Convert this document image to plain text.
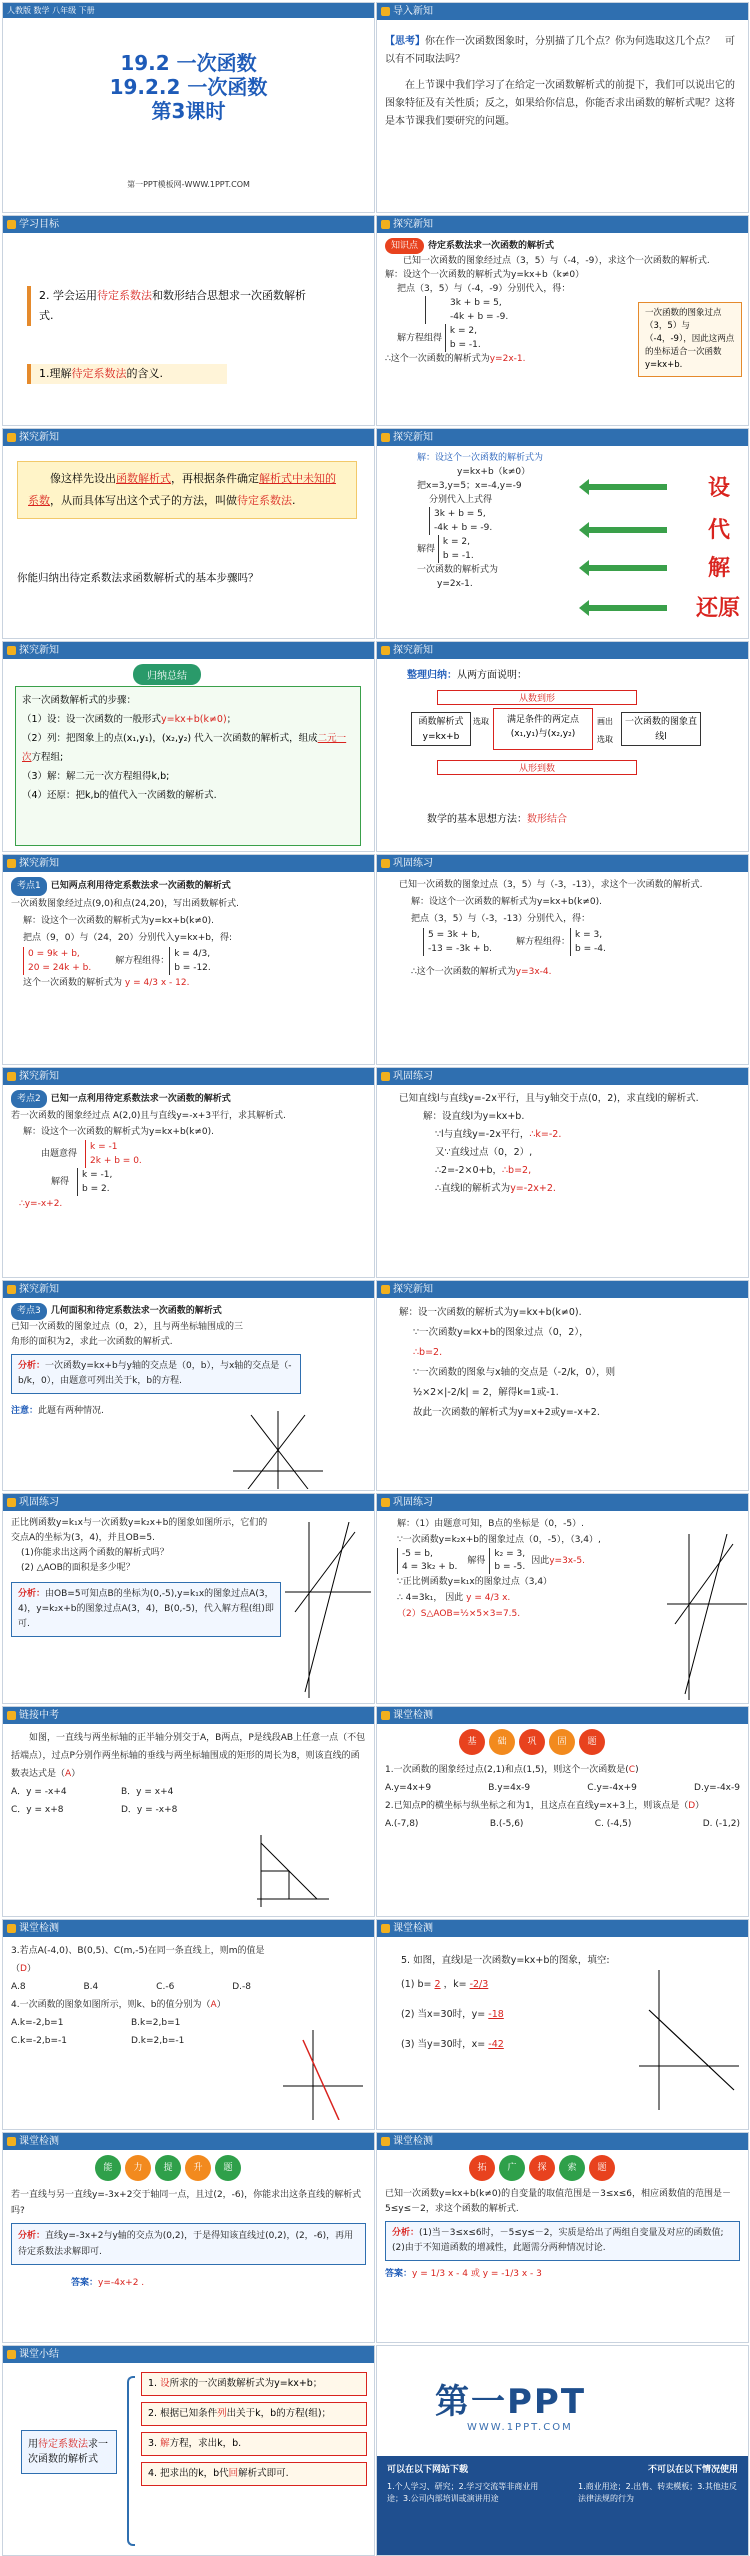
人教版 数学 八年级 下册
19.2 一次函数
19.2.2 一次函数
第3课时
第一PPT模板网-WWW.1PPT.COM
导入新知
【思考】你在作一次函数图象时，分别描了几个点？你为何选取这几个点？　可以有不同取法吗？
在上节课中我们学习了在给定一次函数解析式的前提下，我们可以说出它的图象特征及有关性质；反之，如果给你信息，你能否求出函数的解析式呢？这将是本节课我们要研究的问题。
学习目标
2. 学会运用待定系数法和数形结合思想求一次函数解析式.
1.理解待定系数法的含义.
探究新知
知识点 待定系数法求一次函数的解析式
已知一次函数的图象经过点（3，5）与（-4，-9），求这个一次函数的解析式.
解：设这个一次函数的解析式为y=kx+b（k≠0）
把点（3，5）与（-4，-9）分别代入，得：
3k + b = 5,
-4k + b = -9.
解方程组得
k = 2,
b = -1.
∴这个一次函数的解析式为y=2x-1.
一次函数的图象过点（3，5）与（-4，-9），因此这两点的坐标适合一次函数y=kx+b.
探究新知
像这样先设出函数解析式，再根据条件确定解析式中未知的系数，从而具体写出这个式子的方法，叫做待定系数法.
你能归纳出待定系数法求函数解析式的基本步骤吗？
探究新知
解：设这个一次函数的解析式为
y=kx+b（k≠0）
把x=3,y=5；x=-4,y=-9
分别代入上式得
3k + b = 5,
-4k + b = -9.
解得
k = 2,
b = -1.
一次函数的解析式为
y=2x-1.
设
代
解
还原
探究新知
归纳总结
求一次函数解析式的步骤：
（1）设：设一次函数的一般形式y=kx+b(k≠0)；
（2）列：把图象上的点(x₁,y₁)，(x₂,y₂) 代入一次函数的解析式，组成二元一次方程组;
（3）解：解二元一次方程组得k,b;
（4）还原：把k,b的值代入一次函数的解析式.
探究新知
整理归纳：从两方面说明：
从数到形
函数解析式y=kx+b
选取	满足条件的两定点(x₁,y₁)与(x₂,y₂)
画出
选取
一次函数的图象直线l
从形到数
数学的基本思想方法：数形结合
探究新知
考点1 已知两点利用待定系数法求一次函数的解析式
一次函数图象经过点(9,0)和点(24,20)，写出函数解析式.
解：设这个一次函数的解析式为y=kx+b(k≠0).
把点（9，0）与（24，20）分别代入y=kx+b，得:
0 = 9k + b,
20 = 24k + b.
解方程组得：
k = 4/3,
b = -12.
这个一次函数的解析式为 y = 4/3 x - 12.
巩固练习
已知一次函数的图象过点（3，5）与（-3，-13），求这个一次函数的解析式.
解：设这个一次函数的解析式为y=kx+b(k≠0).
把点（3，5）与（-3，-13）分别代入，得：
5 = 3k + b,
-13 = -3k + b.
解方程组得：
k = 3,
b = -4.
∴这个一次函数的解析式为y=3x-4.
探究新知
考点2 已知一点利用待定系数法求一次函数的解析式
若一次函数的图象经过点 A(2,0)且与直线y=-x+3平行，求其解析式.
解：设这个一次函数的解析式为y=kx+b(k≠0).
由题意得
k = -1
2k + b = 0.
解得
k = -1,
b = 2.
∴y=-x+2.
巩固练习
已知直线l与直线y=-2x平行，且与y轴交于点(0，2)，求直线l的解析式.
解：设直线l为y=kx+b.
∵l与直线y=-2x平行，∴k=-2.
又∵直线过点（0，2）,
∴2=-2×0+b，∴b=2,
∴直线l的解析式为y=-2x+2.
探究新知
考点3 几何面积和待定系数法求一次函数的解析式
已知一次函数的图象过点（0，2），且与两坐标轴围成的三角形的面积为2，求此一次函数的解析式.
分析：一次函数y=kx+b与y轴的交点是（0，b），与x轴的交点是（-b/k，0），由题意可列出关于k，b的方程.
注意：此题有两种情况.
探究新知
解：设一次函数的解析式为y=kx+b(k≠0).
∵一次函数y=kx+b的图象过点（0，2），
∴b=2.
∵一次函数的图象与x轴的交点是（-2/k，0），则
½×2×|-2/k| = 2，解得k=1或-1.
故此一次函数的解析式为y=x+2或y=-x+2.
巩固练习
正比例函数y=k₁x与一次函数y=k₂x+b的图象如图所示，它们的交点A的坐标为(3，4)，并且OB=5.
(1)你能求出这两个函数的解析式吗？
(2) △AOB的面积是多少呢？
分析：由OB=5可知点B的坐标为(0,-5),y=k₁x的图象过点A(3，4)，y=k₂x+b的图象过点A(3，4)，B(0,-5)，代入解方程(组)即可.
巩固练习
解：（1）由题意可知，B点的坐标是（0，-5）.
∵一次函数y=k₂x+b的图象过点（0，-5），（3,4）,
-5 = b,
4 = 3k₂ + b.
解得
k₂ = 3,
b = -5.
因此y=3x-5.
∵正比例函数y=k₁x的图象过点（3,4）
∴ 4=3k₁， 因此 y = 4/3 x.
（2）S△AOB=½×5×3=7.5.
链接中考
如图，一直线与两坐标轴的正半轴分别交于A，B两点，P是线段AB上任意一点（不包括端点），过点P分别作两坐标轴的垂线与两坐标轴围成的矩形的周长为8，则该直线的函数表达式是（A）
A．y = -x+4	B．y = x+4
C．y = x+8	D．y = -x+8
课堂检测
基 础 巩 固 题
1.一次函数的图象经过点(2,1)和点(1,5)，则这个一次函数是(C)
A.y=4x+9	B.y=4x-9	C.y=-4x+9	D.y=-4x-9
2.已知点P的横坐标与纵坐标之和为1，且这点在直线y=x+3上，则该点是（D）
A.(-7,8)	B.(-5,6)	C. (-4,5)	D. (-1,2)
课堂检测
3.若点A(-4,0)、B(0,5)、C(m,-5)在同一条直线上，则m的值是（D）
A.8	B.4	C.-6	D.-8
4.一次函数的图象如图所示，则k、b的值分别为（A）
A.k=-2,b=1	B.k=2,b=1
C.k=-2,b=-1	D.k=2,b=-1
课堂检测
5. 如图，直线l是一次函数y=kx+b的图象，填空:
(1) b= 2 ，k= -2/3
(2) 当x=30时，y= -18
(3) 当y=30时，x= -42
课堂检测
能 力 提 升 题
若一直线与另一直线y=-3x+2交于轴同一点，且过(2，-6)，你能求出这条直线的解析式吗?
分析：直线y=-3x+2与y轴的交点为(0,2)，于是得知该直线过(0,2)，(2，-6)，再用待定系数法求解即可.
答案：y=-4x+2 .
课堂检测
拓 广 探 索 题
已知一次函数y=kx+b(k≠0)的自变量的取值范围是－3≤x≤6，相应函数值的范围是－5≤y≤－2，求这个函数的解析式.
分析：(1)当－3≤x≤6时，－5≤y≤－2，实质是给出了两组自变量及对应的函数值;
(2)由于不知道函数的增减性，此题需分两种情况讨论.
答案：y = 1/3 x - 4 或 y = -1/3 x - 3
课堂小结
用待定系数法求一次函数的解析式
1. 设所求的一次函数解析式为y=kx+b；
2. 根据已知条件列出关于k，b的方程(组)；
3. 解方程，求出k，b.
4. 把求出的k，b代回解析式即可.
第一PPT
WWW.1PPT.COM
可以在以下网站下载	不可以在以下情况使用
1.个人学习、研究；2.学习交流等非商业用途；3.公司内部培训或演讲用途
1.商业用途；2.出售、转卖模板；3.其他违反法律法规的行为
